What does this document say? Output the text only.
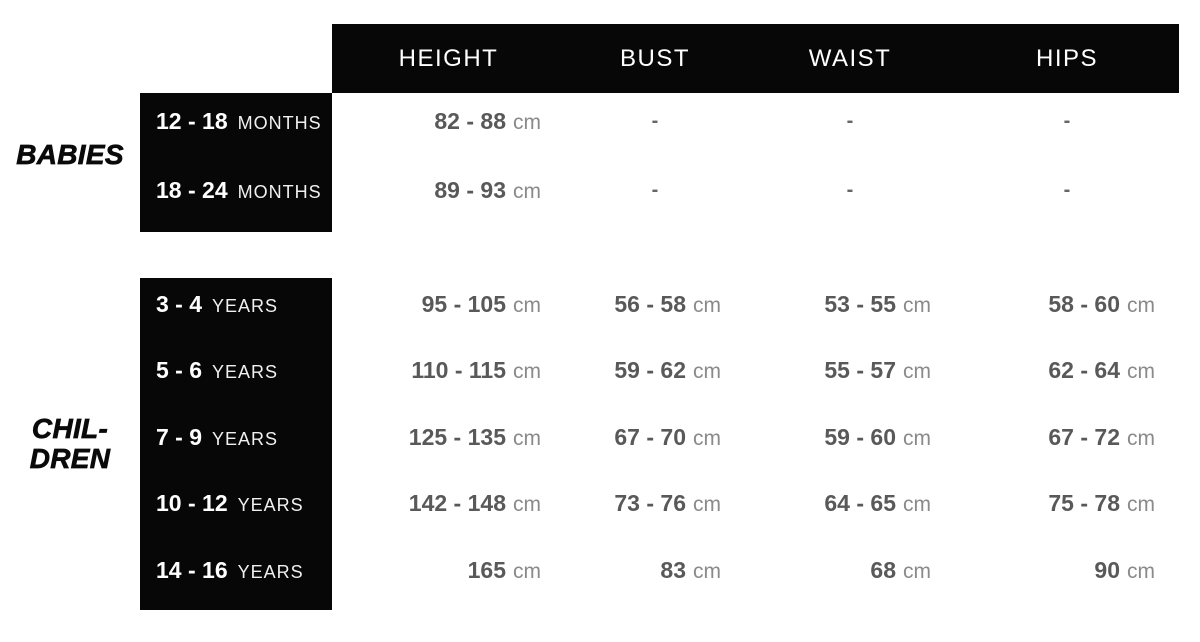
HEIGHT	BUST	WAIST	HIPS
BABIES
12 - 18 MONTHS	82 - 88 cm	-	-	-
18 - 24 MONTHS	89 - 93 cm	-	-	-
CHIL-
DREN
3 - 4 YEARS	95 - 105 cm	56 - 58 cm	53 - 55 cm	58 - 60 cm
5 - 6 YEARS	110 - 115 cm	59 - 62 cm	55 - 57 cm	62 - 64 cm
7 - 9 YEARS	125 - 135 cm	67 - 70 cm	59 - 60 cm	67 - 72 cm
10 - 12 YEARS	142 - 148 cm	73 - 76 cm	64 - 65 cm	75 - 78 cm
14 - 16 YEARS	165 cm	83 cm	68 cm	90 cm
